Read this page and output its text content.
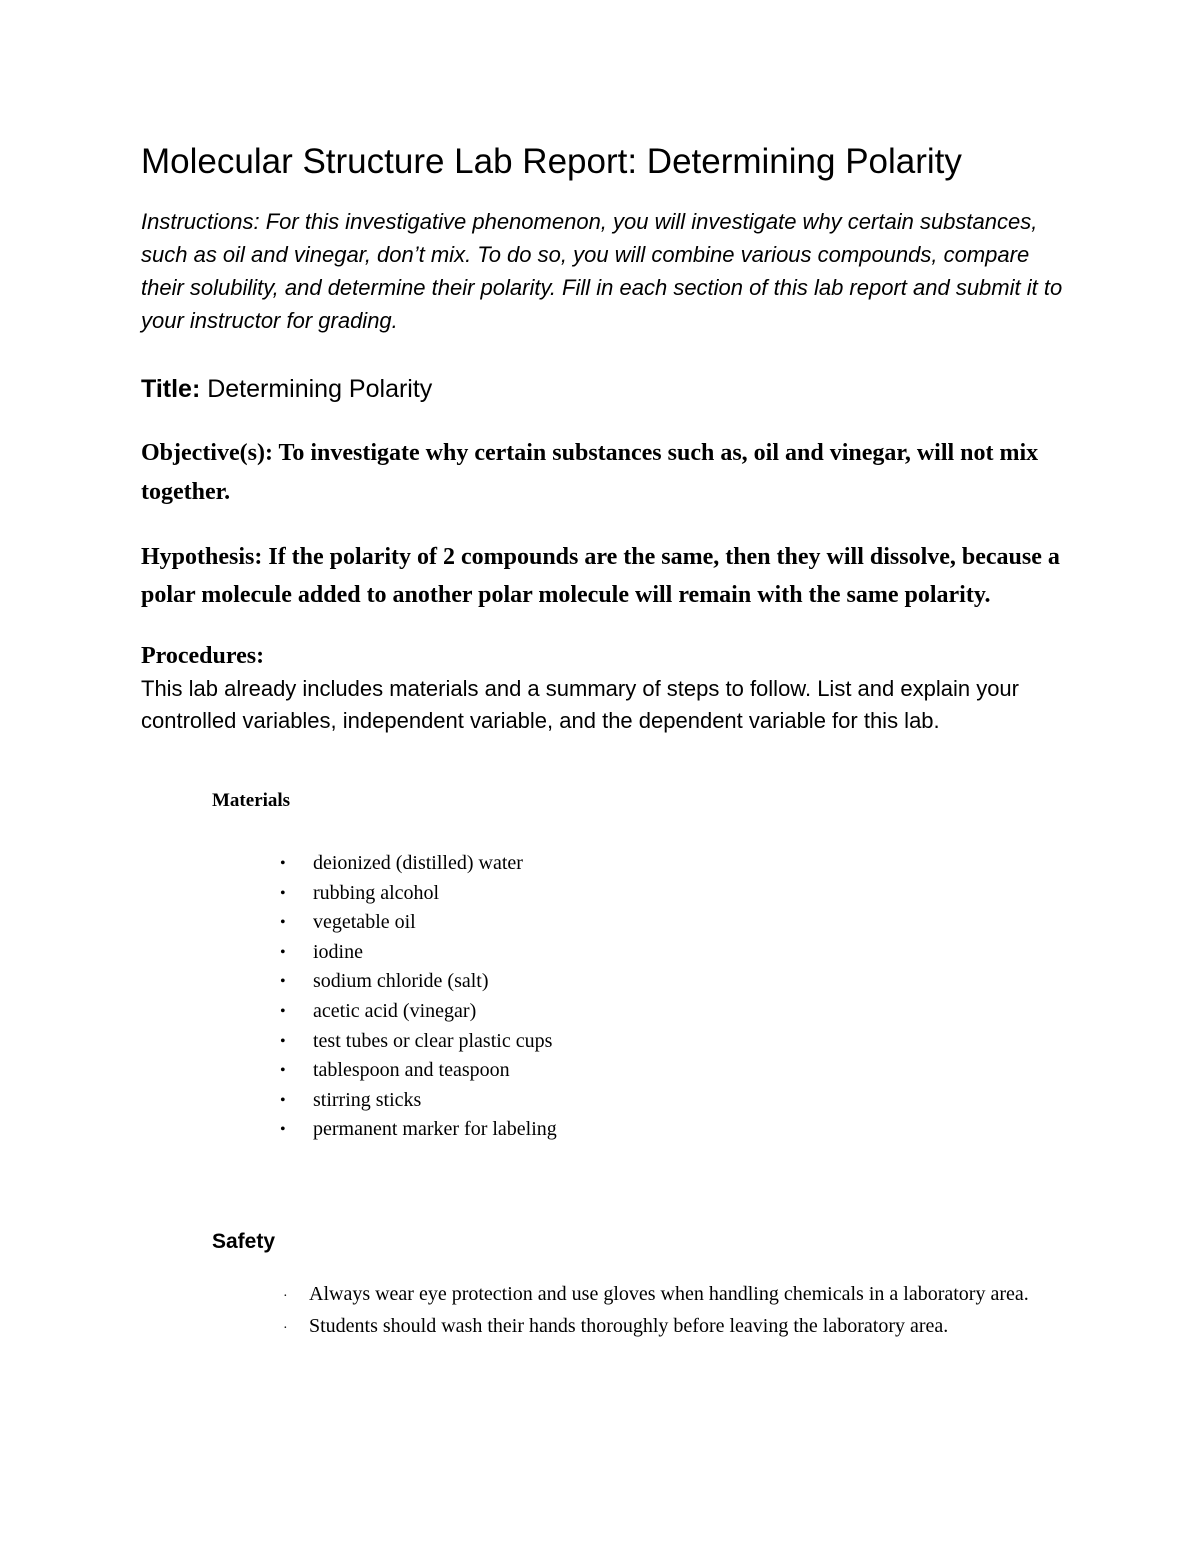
Molecular Structure Lab Report: Determining Polarity

Instructions: For this investigative phenomenon, you will investigate why certain substances, such as oil and vinegar, don’t mix. To do so, you will combine various compounds, compare their solubility, and determine their polarity. Fill in each section of this lab report and submit it to your instructor for grading.

Title: Determining Polarity

Objective(s): To investigate why certain substances such as, oil and vinegar, will not mix together.

Hypothesis: If the polarity of 2 compounds are the same, then they will dissolve, because a polar molecule added to another polar molecule will remain with the same polarity.

Procedures:

This lab already includes materials and a summary of steps to follow. List and explain your controlled variables, independent variable, and the dependent variable for this lab.

Materials

• deionized (distilled) water
• rubbing alcohol
• vegetable oil
• iodine
• sodium chloride (salt)
• acetic acid (vinegar)
• test tubes or clear plastic cups
• tablespoon and teaspoon
• stirring sticks
• permanent marker for labeling

Safety

· Always wear eye protection and use gloves when handling chemicals in a laboratory area.
· Students should wash their hands thoroughly before leaving the laboratory area.
